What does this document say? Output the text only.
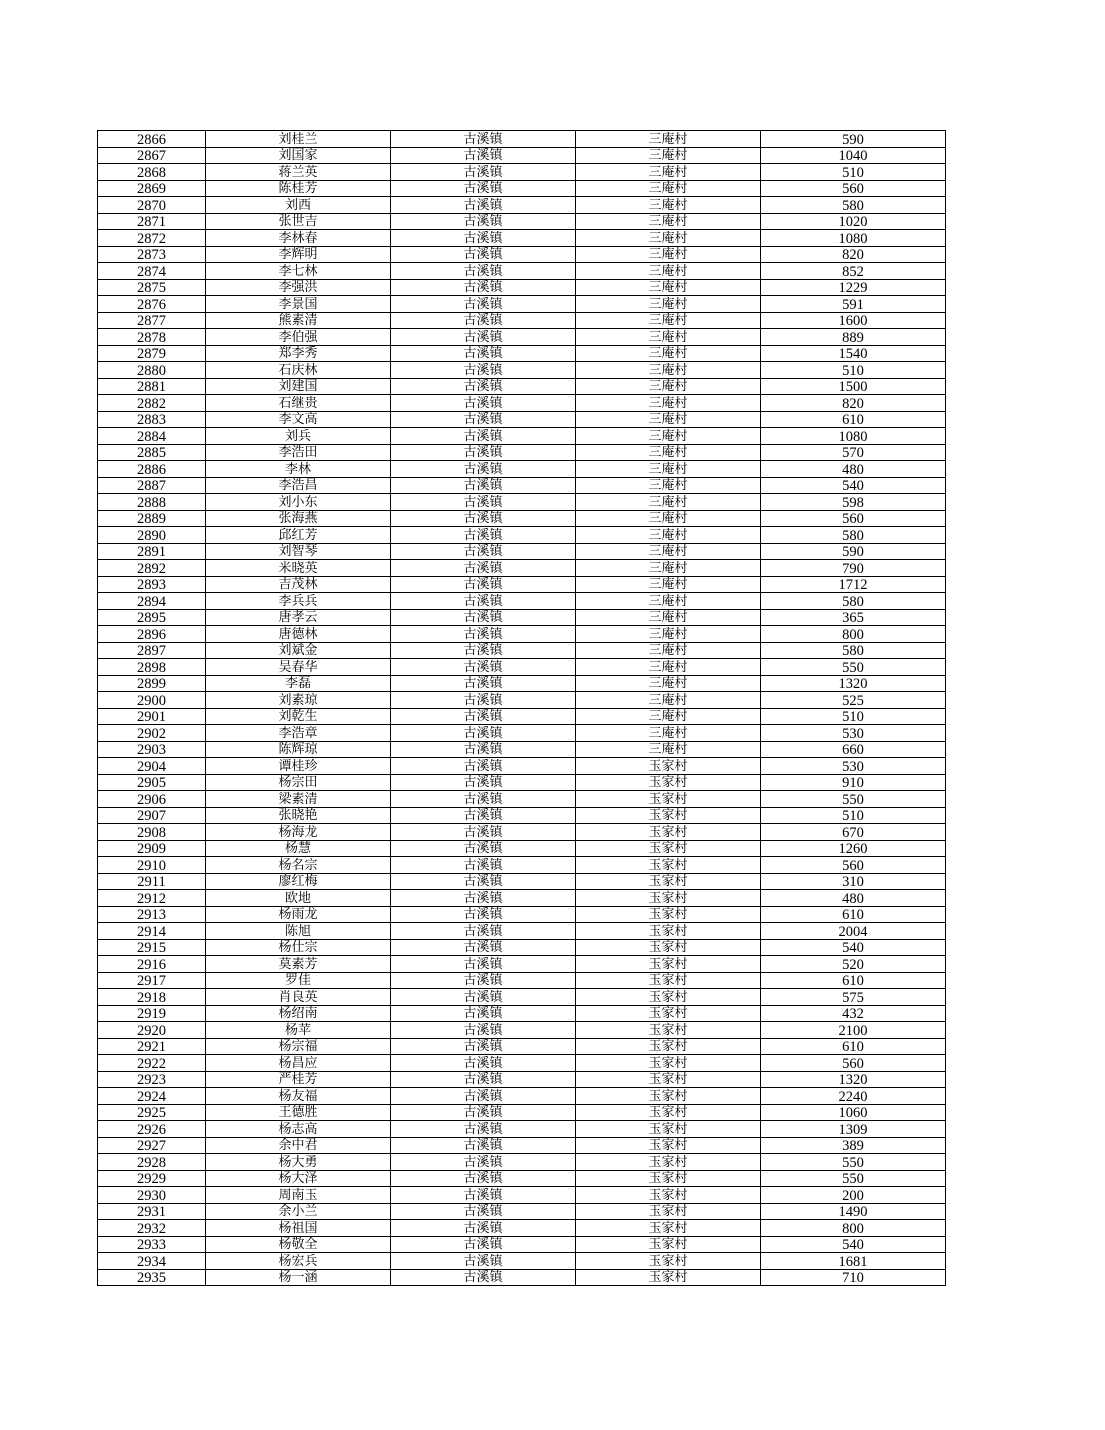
2866	刘桂兰	古溪镇	三庵村	590
2867	刘国家	古溪镇	三庵村	1040
2868	蒋兰英	古溪镇	三庵村	510
2869	陈桂芳	古溪镇	三庵村	560
2870	刘西	古溪镇	三庵村	580
2871	张世吉	古溪镇	三庵村	1020
2872	李林春	古溪镇	三庵村	1080
2873	李辉明	古溪镇	三庵村	820
2874	李七林	古溪镇	三庵村	852
2875	李强洪	古溪镇	三庵村	1229
2876	李景国	古溪镇	三庵村	591
2877	熊素清	古溪镇	三庵村	1600
2878	李伯强	古溪镇	三庵村	889
2879	郑李秀	古溪镇	三庵村	1540
2880	石庆林	古溪镇	三庵村	510
2881	刘建国	古溪镇	三庵村	1500
2882	石继贵	古溪镇	三庵村	820
2883	李文高	古溪镇	三庵村	610
2884	刘兵	古溪镇	三庵村	1080
2885	李浩田	古溪镇	三庵村	570
2886	李林	古溪镇	三庵村	480
2887	李浩昌	古溪镇	三庵村	540
2888	刘小东	古溪镇	三庵村	598
2889	张海燕	古溪镇	三庵村	560
2890	邱红芳	古溪镇	三庵村	580
2891	刘智琴	古溪镇	三庵村	590
2892	米晓英	古溪镇	三庵村	790
2893	吉茂林	古溪镇	三庵村	1712
2894	李兵兵	古溪镇	三庵村	580
2895	唐孝云	古溪镇	三庵村	365
2896	唐德林	古溪镇	三庵村	800
2897	刘斌金	古溪镇	三庵村	580
2898	吴春华	古溪镇	三庵村	550
2899	李磊	古溪镇	三庵村	1320
2900	刘素琼	古溪镇	三庵村	525
2901	刘乾生	古溪镇	三庵村	510
2902	李浩章	古溪镇	三庵村	530
2903	陈辉琼	古溪镇	三庵村	660
2904	谭桂珍	古溪镇	玉家村	530
2905	杨宗田	古溪镇	玉家村	910
2906	梁素清	古溪镇	玉家村	550
2907	张晓艳	古溪镇	玉家村	510
2908	杨海龙	古溪镇	玉家村	670
2909	杨慧	古溪镇	玉家村	1260
2910	杨名宗	古溪镇	玉家村	560
2911	廖红梅	古溪镇	玉家村	310
2912	欧地	古溪镇	玉家村	480
2913	杨雨龙	古溪镇	玉家村	610
2914	陈旭	古溪镇	玉家村	2004
2915	杨仕宗	古溪镇	玉家村	540
2916	莫素芳	古溪镇	玉家村	520
2917	罗佳	古溪镇	玉家村	610
2918	肖良英	古溪镇	玉家村	575
2919	杨绍南	古溪镇	玉家村	432
2920	杨苹	古溪镇	玉家村	2100
2921	杨宗福	古溪镇	玉家村	610
2922	杨昌应	古溪镇	玉家村	560
2923	严桂芳	古溪镇	玉家村	1320
2924	杨友福	古溪镇	玉家村	2240
2925	王德胜	古溪镇	玉家村	1060
2926	杨志高	古溪镇	玉家村	1309
2927	余中君	古溪镇	玉家村	389
2928	杨大勇	古溪镇	玉家村	550
2929	杨大泽	古溪镇	玉家村	550
2930	周南玉	古溪镇	玉家村	200
2931	余小兰	古溪镇	玉家村	1490
2932	杨祖国	古溪镇	玉家村	800
2933	杨敬全	古溪镇	玉家村	540
2934	杨宏兵	古溪镇	玉家村	1681
2935	杨一涵	古溪镇	玉家村	710
